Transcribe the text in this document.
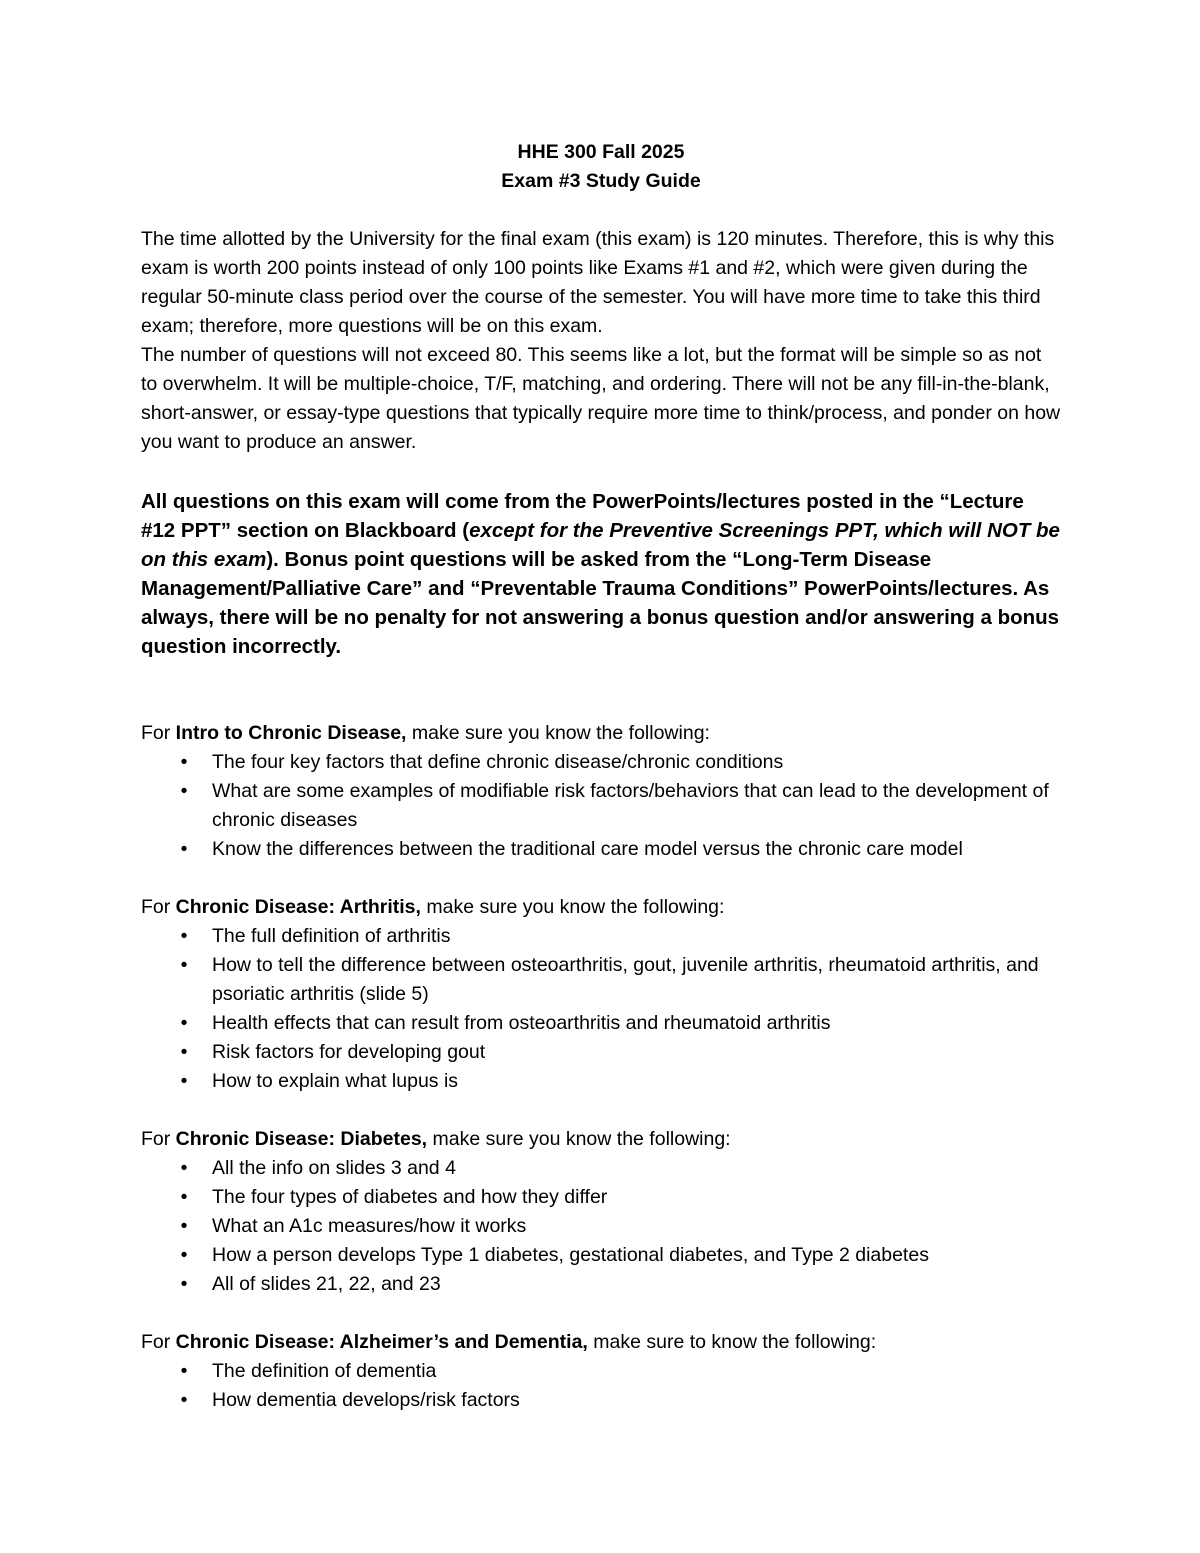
HHE 300 Fall 2025

Exam #3 Study Guide

The time allotted by the University for the final exam (this exam) is 120 minutes. Therefore, this is why this exam is worth 200 points instead of only 100 points like Exams #1 and #2, which were given during the regular 50-minute class period over the course of the semester. You will have more time to take this third exam; therefore, more questions will be on this exam.

The number of questions will not exceed 80. This seems like a lot, but the format will be simple so as not to overwhelm. It will be multiple-choice, T/F, matching, and ordering. There will not be any fill-in-the-blank, short-answer, or essay-type questions that typically require more time to think/process, and ponder on how you want to produce an answer.

All questions on this exam will come from the PowerPoints/lectures posted in the “Lecture #12 PPT” section on Blackboard (except for the Preventive Screenings PPT, which will NOT be on this exam). Bonus point questions will be asked from the “Long-Term Disease Management/Palliative Care” and “Preventable Trauma Conditions” PowerPoints/lectures. As always, there will be no penalty for not answering a bonus question and/or answering a bonus question incorrectly.

For Intro to Chronic Disease, make sure you know the following:

• The four key factors that define chronic disease/chronic conditions
• What are some examples of modifiable risk factors/behaviors that can lead to the development of chronic diseases
• Know the differences between the traditional care model versus the chronic care model

For Chronic Disease: Arthritis, make sure you know the following:

• The full definition of arthritis
• How to tell the difference between osteoarthritis, gout, juvenile arthritis, rheumatoid arthritis, and psoriatic arthritis (slide 5)
• Health effects that can result from osteoarthritis and rheumatoid arthritis
• Risk factors for developing gout
• How to explain what lupus is

For Chronic Disease: Diabetes, make sure you know the following:

• All the info on slides 3 and 4
• The four types of diabetes and how they differ
• What an A1c measures/how it works
• How a person develops Type 1 diabetes, gestational diabetes, and Type 2 diabetes
• All of slides 21, 22, and 23

For Chronic Disease: Alzheimer’s and Dementia, make sure to know the following:

• The definition of dementia
• How dementia develops/risk factors
